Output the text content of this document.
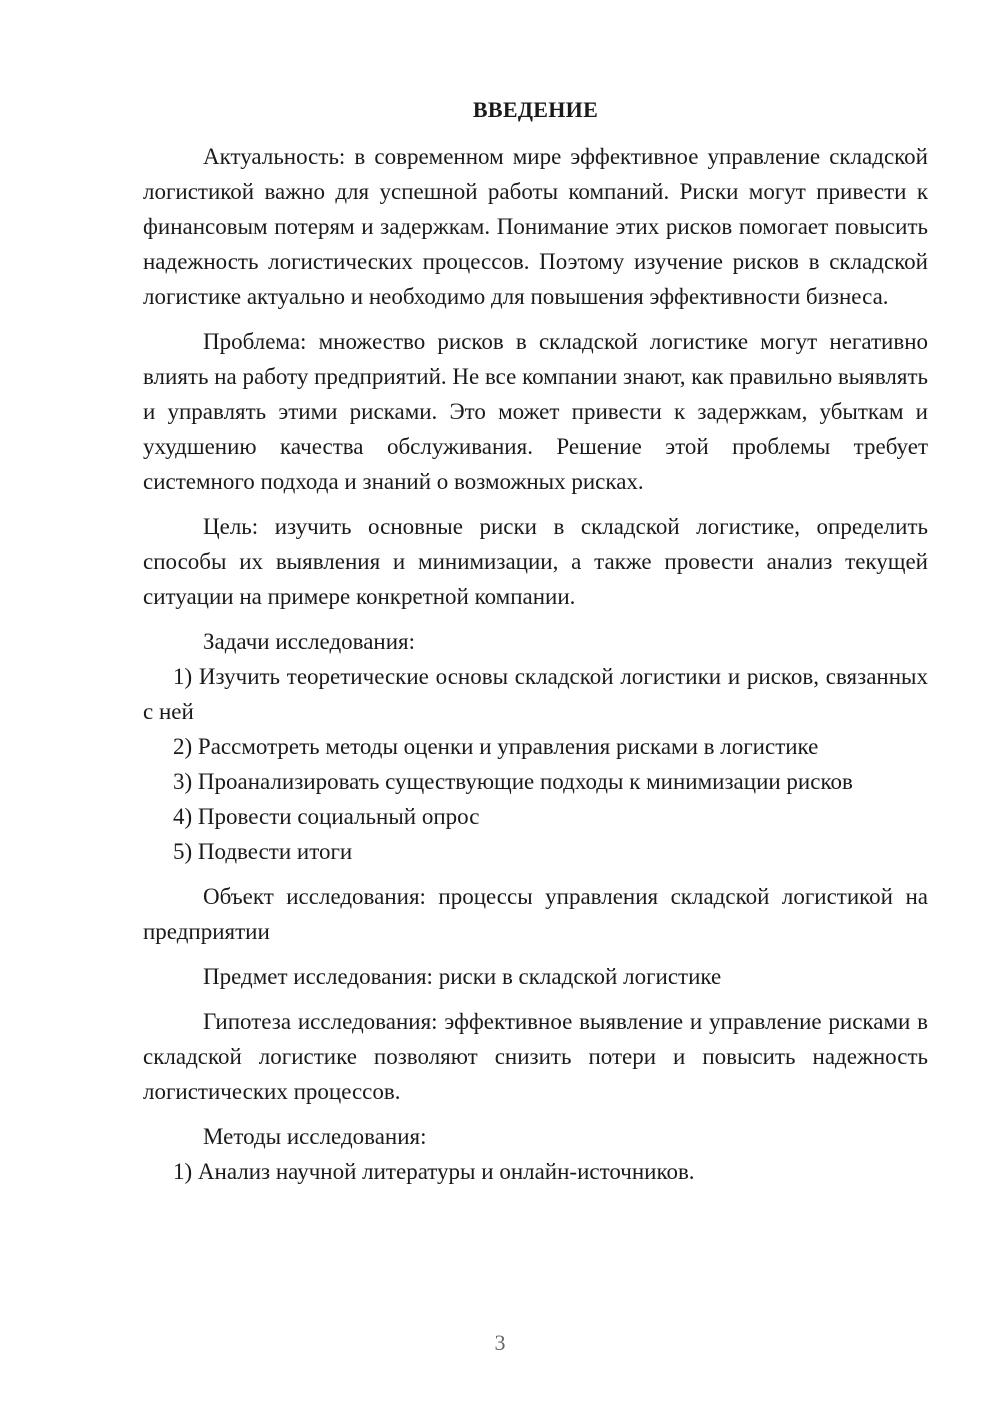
ВВЕДЕНИЕ

Актуальность: в современном мире эффективное управление складской логистикой важно для успешной работы компаний. Риски могут привести к финансовым потерям и задержкам. Понимание этих рисков помогает повысить надежность логистических процессов. Поэтому изучение рисков в складской логистике актуально и необходимо для повышения эффективности бизнеса.

Проблема: множество рисков в складской логистике могут негативно влиять на работу предприятий. Не все компании знают, как правильно выявлять и управлять этими рисками. Это может привести к задержкам, убыткам и ухудшению качества обслуживания. Решение этой проблемы требует системного подхода и знаний о возможных рисках.

Цель: изучить основные риски в складской логистике, определить способы их выявления и минимизации, а также провести анализ текущей ситуации на примере конкретной компании.

Задачи исследования:

1) Изучить теоретические основы складской логистики и рисков, связанных с ней

2) Рассмотреть методы оценки и управления рисками в логистике

3) Проанализировать существующие подходы к минимизации рисков

4) Провести социальный опрос

5) Подвести итоги

Объект исследования: процессы управления складской логистикой на предприятии

Предмет исследования: риски в складской логистике

Гипотеза исследования: эффективное выявление и управление рисками в складской логистике позволяют снизить потери и повысить надежность логистических процессов.

Методы исследования:

1) Анализ научной литературы и онлайн-источников.

3
